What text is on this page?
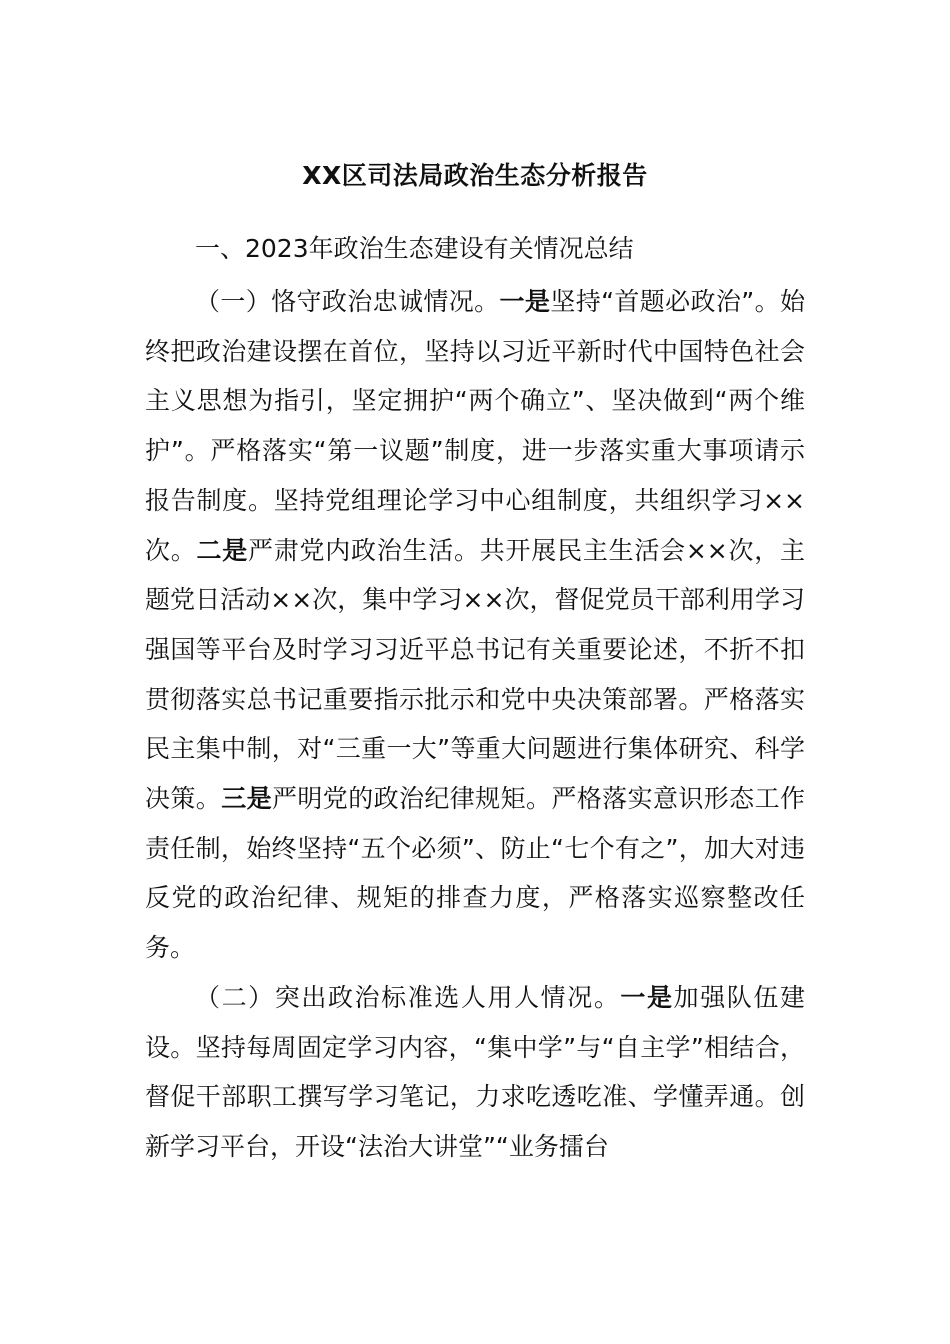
XX区司法局政治生态分析报告
一、2023年政治生态建设有关情况总结
（一）恪守政治忠诚情况。一是坚持“首题必政治”。始终把政治建设摆在首位，坚持以习近平新时代中国特色社会主义思想为指引，坚定拥护“两个确立”、坚决做到“两个维护”。严格落实“第一议题”制度，进一步落实重大事项请示报告制度。坚持党组理论学习中心组制度，共组织学习××次。二是严肃党内政治生活。共开展民主生活会××次，主题党日活动××次，集中学习××次，督促党员干部利用学习强国等平台及时学习习近平总书记有关重要论述，不折不扣贯彻落实总书记重要指示批示和党中央决策部署。严格落实民主集中制，对“三重一大”等重大问题进行集体研究、科学决策。三是严明党的政治纪律规矩。严格落实意识形态工作责任制，始终坚持“五个必须”、防止“七个有之”，加大对违反党的政治纪律、规矩的排查力度，严格落实巡察整改任务。
（二）突出政治标准选人用人情况。一是加强队伍建设。坚持每周固定学习内容，“集中学”与“自主学”相结合，督促干部职工撰写学习笔记，力求吃透吃准、学懂弄通。创新学习平台，开设“法治大讲堂”“业务擂台
